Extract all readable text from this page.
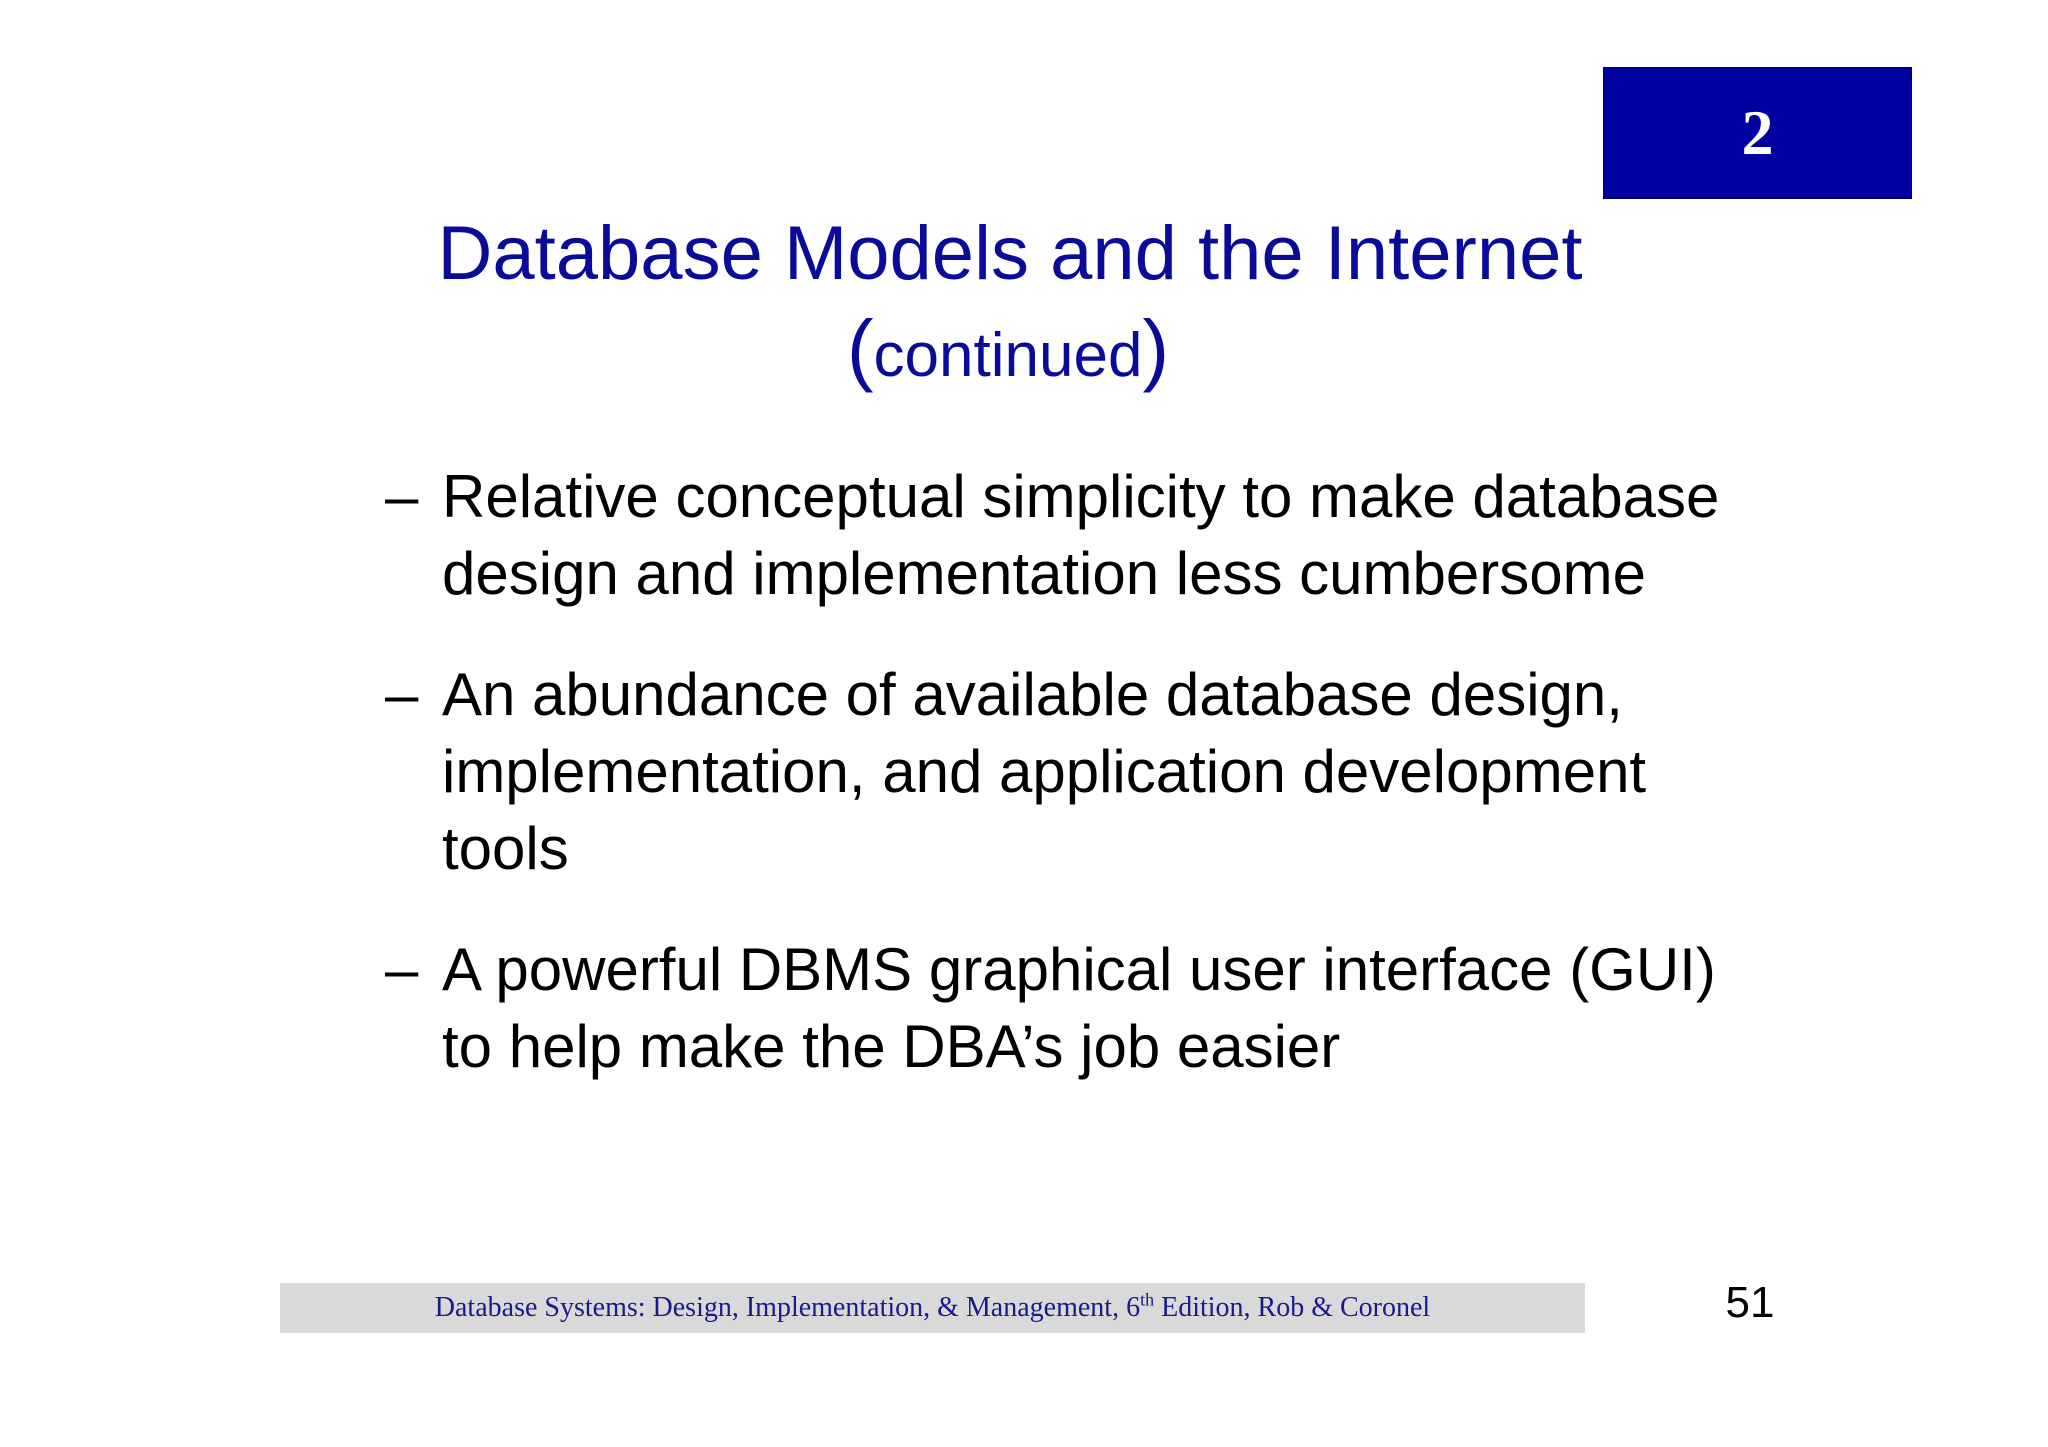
2
Database Models and the Internet
(continued)
– Relative conceptual simplicity to make database design and implementation less cumbersome
– An abundance of available database design, implementation, and application development tools
– A powerful DBMS graphical user interface (GUI) to help make the DBA’s job easier
Database Systems: Design, Implementation, & Management, 6th Edition, Rob & Coronel	51
